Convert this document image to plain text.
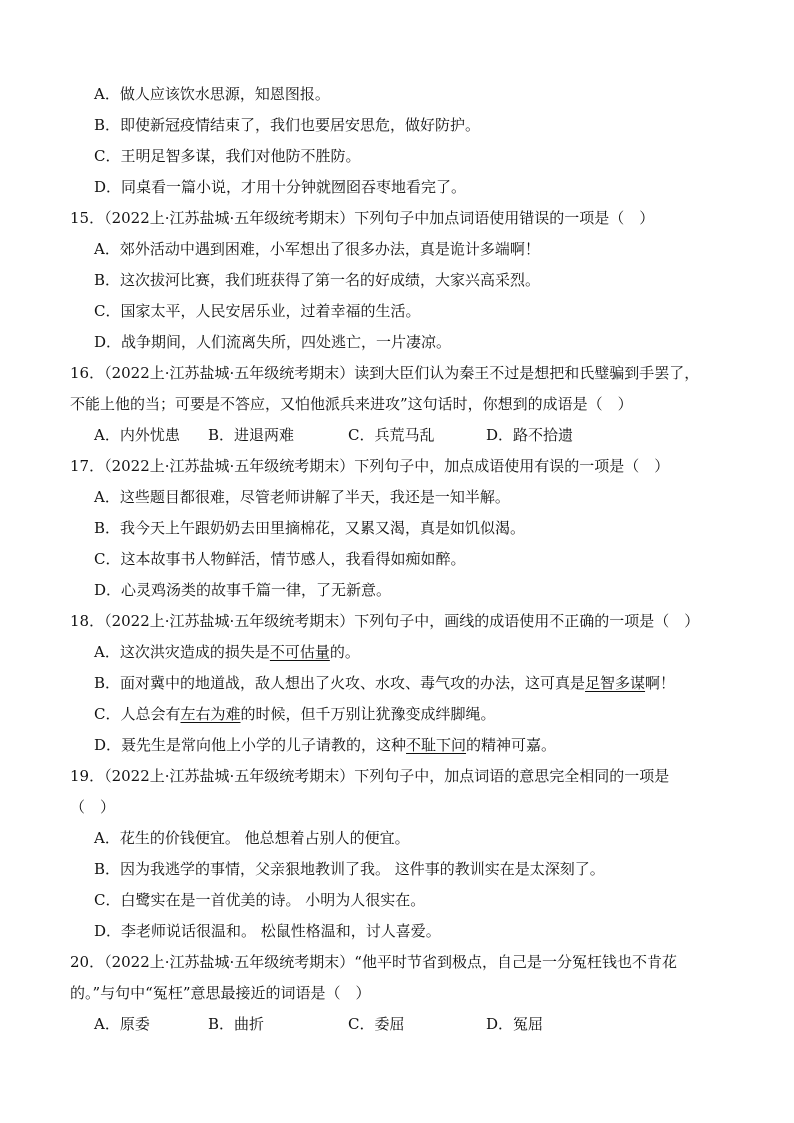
A．做人应该饮水思源，知恩图报。
B．即使新冠疫情结束了，我们也要居安思危，做好防护。
C．王明足智多谋，我们对他防不胜防。
D．同桌看一篇小说，才用十分钟就囫囵吞枣地看完了。
15．（2022上·江苏盐城·五年级统考期末）下列句子中加点词语使用错误的一项是（　）
A．郊外活动中遇到困难，小军想出了很多办法，真是诡计多端啊！
B．这次拔河比赛，我们班获得了第一名的好成绩，大家兴高采烈。
C．国家太平，人民安居乐业，过着幸福的生活。
D．战争期间，人们流离失所，四处逃亡，一片凄凉。
16．（2022上·江苏盐城·五年级统考期末）读到大臣们认为秦王不过是想把和氏璧骗到手罢了，
不能上他的当；可要是不答应，又怕他派兵来进攻”这句话时，你想到的成语是（　）
A．内外忧患 B．进退两难	C．兵荒马乱	D．路不拾遗
17．（2022上·江苏盐城·五年级统考期末）下列句子中，加点成语使用有误的一项是（　）
A．这些题目都很难，尽管老师讲解了半天，我还是一知半解。
B．我今天上午跟奶奶去田里摘棉花，又累又渴，真是如饥似渴。
C．这本故事书人物鲜活，情节感人，我看得如痴如醉。
D．心灵鸡汤类的故事千篇一律，了无新意。
18．（2022上·江苏盐城·五年级统考期末）下列句子中，画线的成语使用不正确的一项是（　）
A．这次洪灾造成的损失是不可估量的。
B．面对冀中的地道战，敌人想出了火攻、水攻、毒气攻的办法，这可真是足智多谋啊！
C．人总会有左右为难的时候，但千万别让犹豫变成绊脚绳。
D．聂先生是常向他上小学的儿子请教的，这种不耻下问的精神可嘉。
19．（2022上·江苏盐城·五年级统考期末）下列句子中，加点词语的意思完全相同的一项是
（　）
A．花生的价钱便宜。 他总想着占别人的便宜。
B．因为我逃学的事情，父亲狠地教训了我。 这件事的教训实在是太深刻了。
C．白鹭实在是一首优美的诗。 小明为人很实在。
D．李老师说话很温和。 松鼠性格温和，讨人喜爱。
20．（2022上·江苏盐城·五年级统考期末）“他平时节省到极点，自己是一分冤枉钱也不肯花
的。”与句中“冤枉”意思最接近的词语是（　）
A．原委	B．曲折	C．委屈	D．冤屈
